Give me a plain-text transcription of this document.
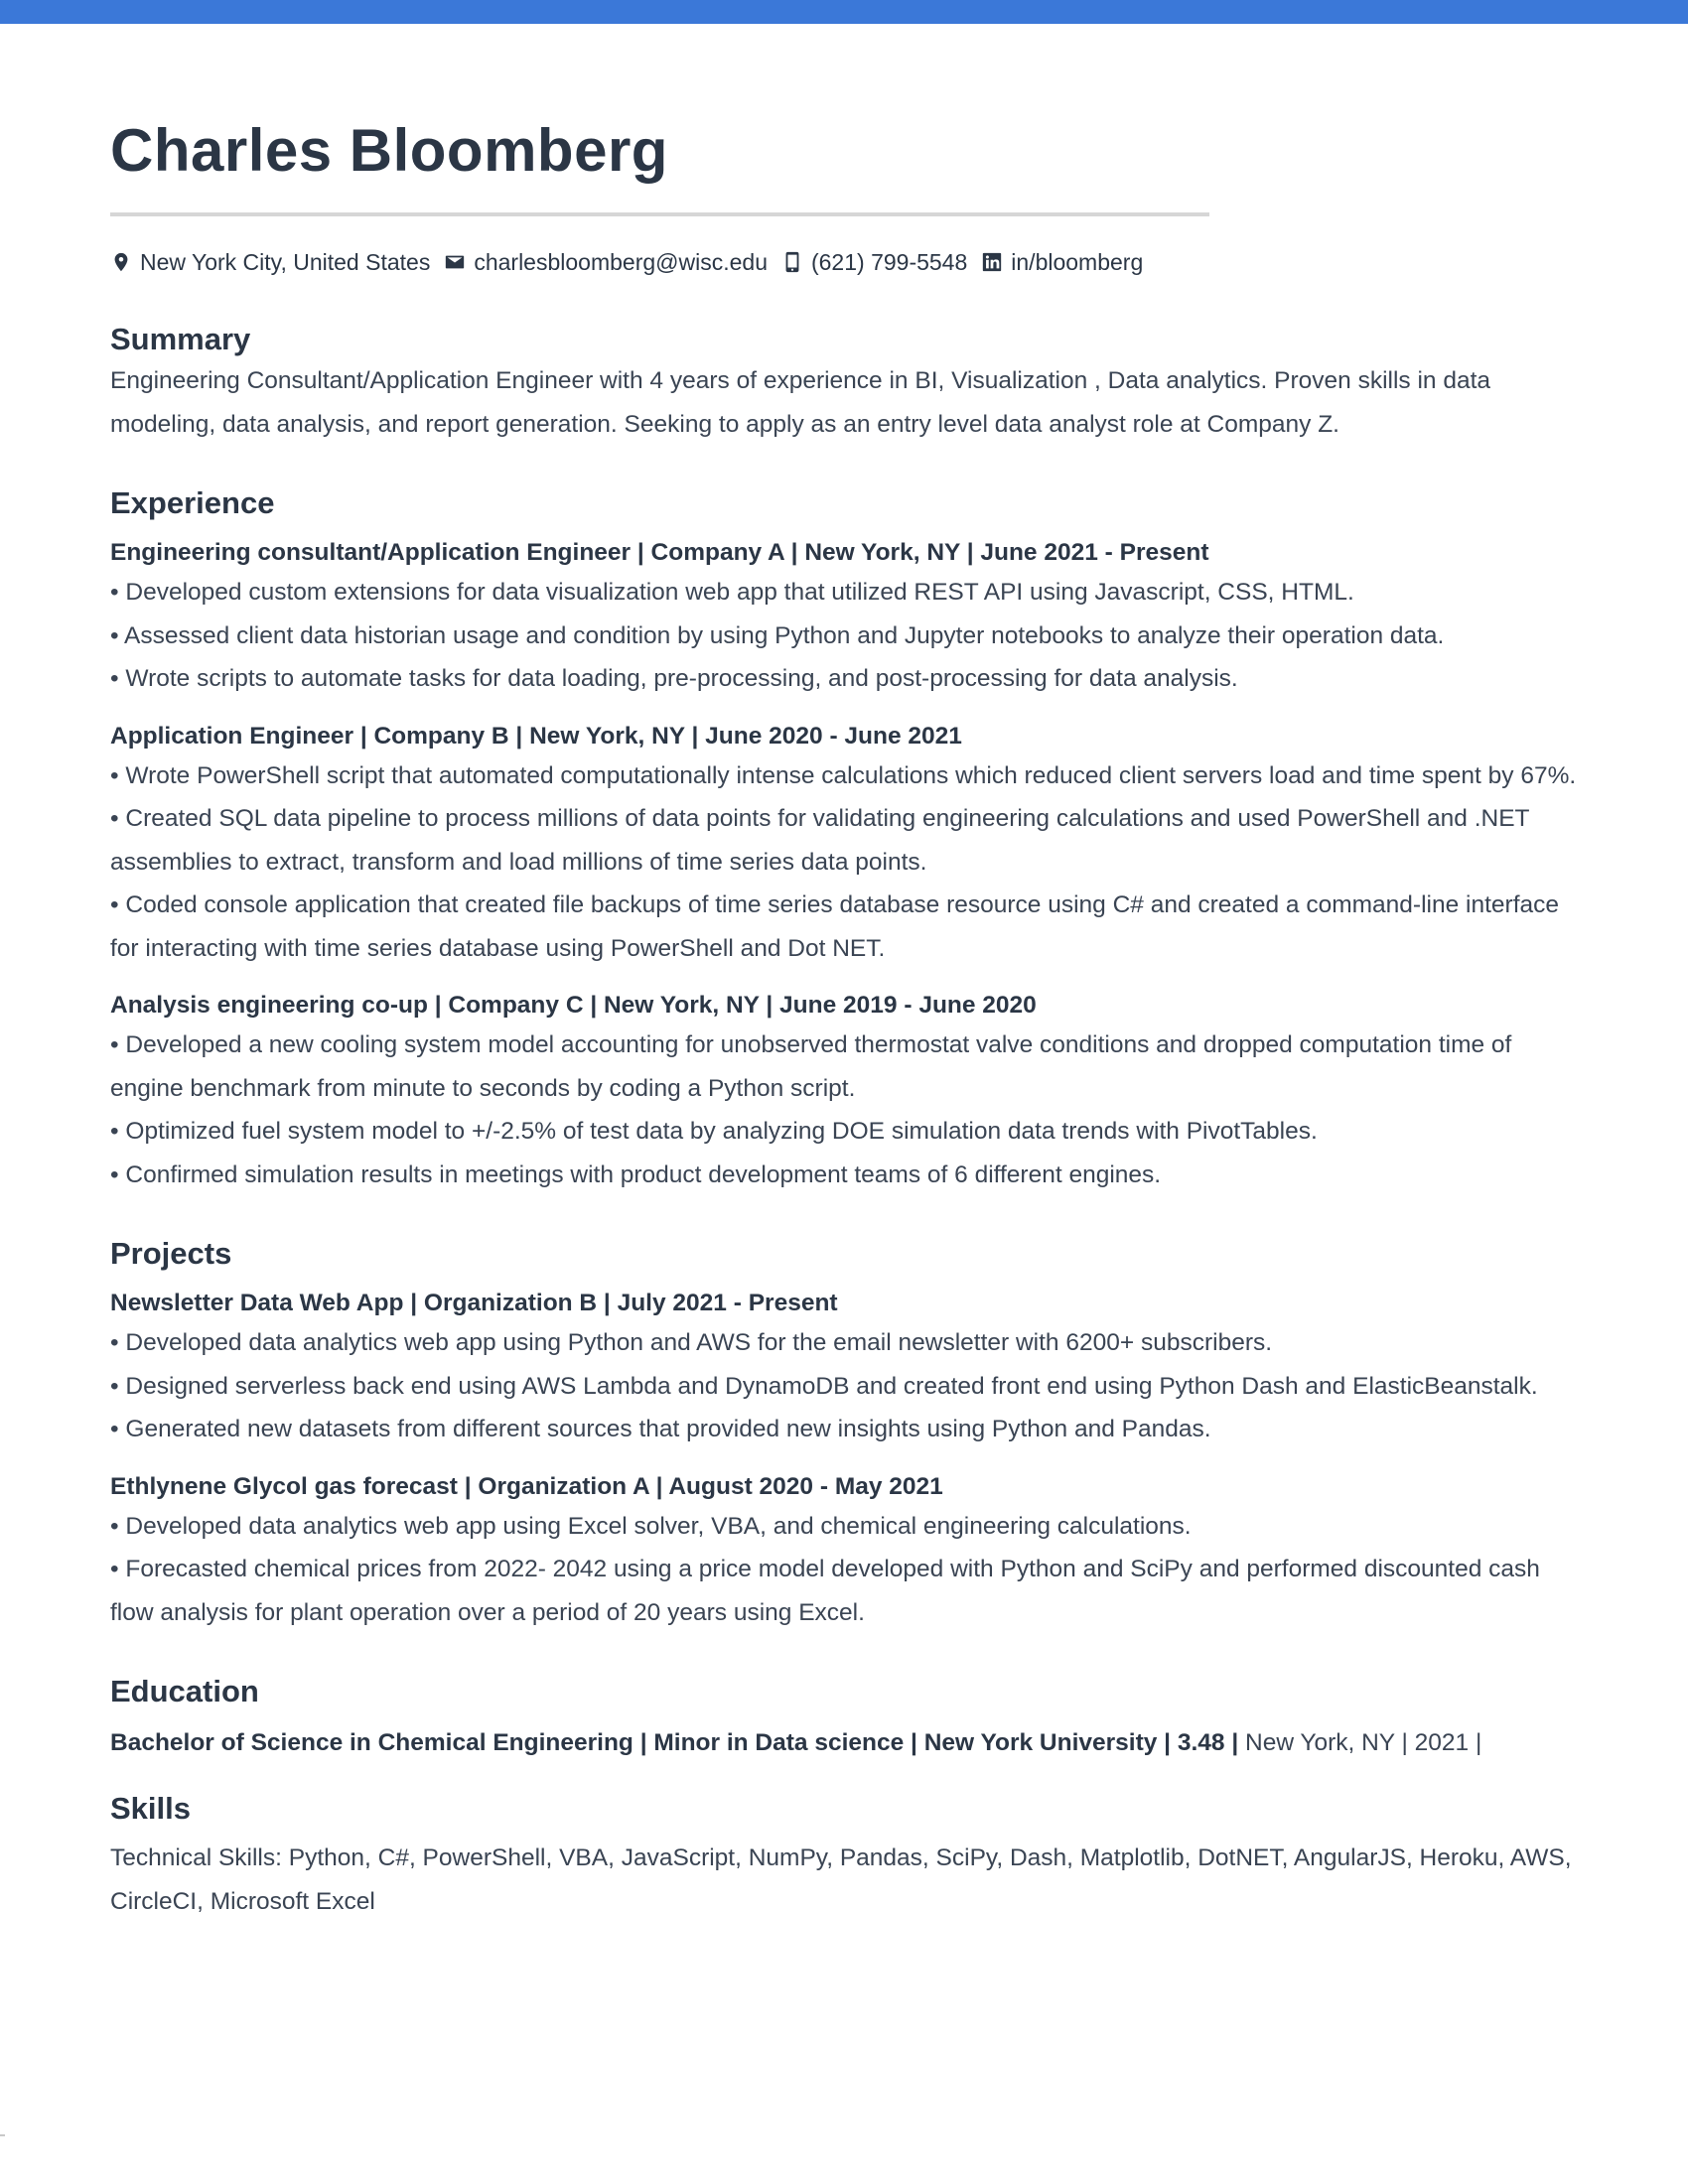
Charles Bloomberg
New York City, United States charlesbloomberg@wisc.edu (621) 799-5548 in/bloomberg
Summary

Engineering Consultant/Application Engineer with 4 years of experience in BI, Visualization , Data analytics. Proven skills in data modeling, data analysis, and report generation. Seeking to apply as an entry level data analyst role at Company Z.

Experience

Engineering consultant/Application Engineer | Company A | New York, NY | June 2021 - Present

• Developed custom extensions for data visualization web app that utilized REST API using Javascript, CSS, HTML.
• Assessed client data historian usage and condition by using Python and Jupyter notebooks to analyze their operation data.
• Wrote scripts to automate tasks for data loading, pre-processing, and post-processing for data analysis.

Application Engineer | Company B | New York, NY | June 2020 - June 2021

• Wrote PowerShell script that automated computationally intense calculations which reduced client servers load and time spent by 67%.
• Created SQL data pipeline to process millions of data points for validating engineering calculations and used PowerShell and .NET assemblies to extract, transform and load millions of time series data points.
• Coded console application that created file backups of time series database resource using C# and created a command-line interface for interacting with time series database using PowerShell and Dot NET.

Analysis engineering co-up | Company C | New York, NY | June 2019 - June 2020

• Developed a new cooling system model accounting for unobserved thermostat valve conditions and dropped computation time of engine benchmark from minute to seconds by coding a Python script.
• Optimized fuel system model to +/-2.5% of test data by analyzing DOE simulation data trends with PivotTables.
• Confirmed simulation results in meetings with product development teams of 6 different engines.
Projects

Newsletter Data Web App | Organization B | July 2021 - Present

• Developed data analytics web app using Python and AWS for the email newsletter with 6200+ subscribers.
• Designed serverless back end using AWS Lambda and DynamoDB and created front end using Python Dash and ElasticBeanstalk.
• Generated new datasets from different sources that provided new insights using Python and Pandas.

Ethlynene Glycol gas forecast | Organization A | August 2020 - May 2021

• Developed data analytics web app using Excel solver, VBA, and chemical engineering calculations.
• Forecasted chemical prices from 2022- 2042 using a price model developed with Python and SciPy and performed discounted cash flow analysis for plant operation over a period of 20 years using Excel.
Education
Bachelor of Science in Chemical Engineering | Minor in Data science | New York University | 3.48 | New York, NY | 2021 |
Skills

Technical Skills: Python, C#, PowerShell, VBA, JavaScript, NumPy, Pandas, SciPy, Dash, Matplotlib, DotNET, AngularJS, Heroku, AWS, CircleCI, Microsoft Excel
